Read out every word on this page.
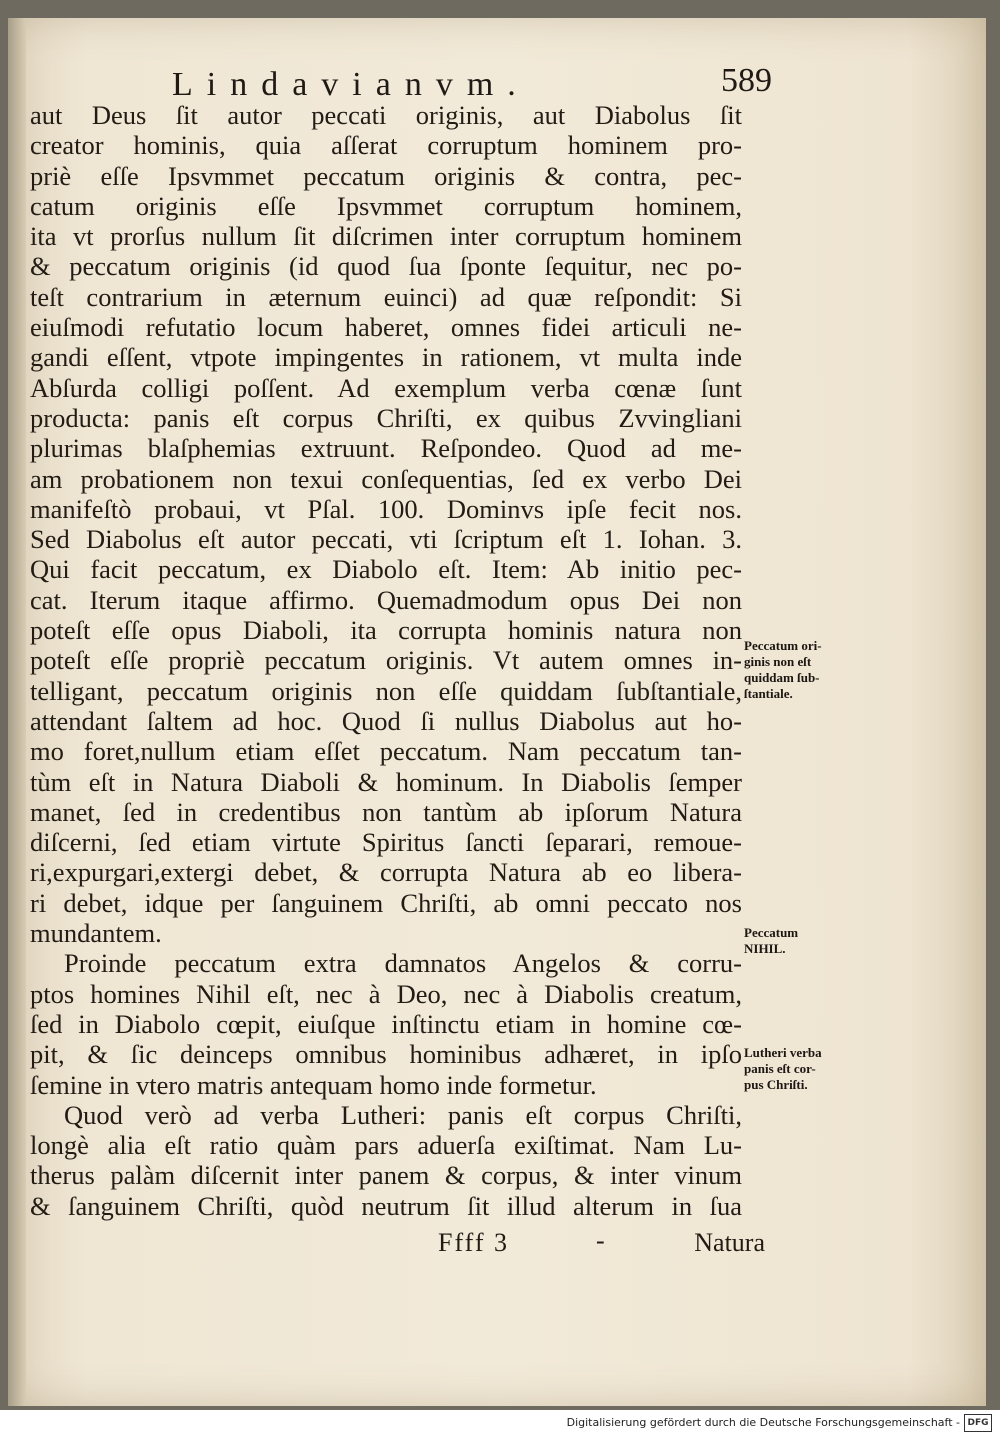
Lindavianvm.	589
aut Deus ſit autor peccati originis, aut Diabolus ſit
creator hominis, quia aſſerat corruptum hominem pro-
priè eſſe Ipsvmmet peccatum originis & contra, pec-
catum originis eſſe Ipsvmmet corruptum hominem,
ita vt prorſus nullum ſit diſcrimen inter corruptum hominem
& peccatum originis (id quod ſua ſponte ſequitur, nec po-
teſt contrarium in æternum euinci) ad quæ reſpondit: Si
eiuſmodi refutatio locum haberet, omnes fidei articuli ne-
gandi eſſent, vtpote impingentes in rationem, vt multa inde
Abſurda colligi poſſent. Ad exemplum verba cœnæ ſunt
producta: panis eſt corpus Chriſti, ex quibus Zvvingliani
plurimas blaſphemias extruunt. Reſpondeo. Quod ad me-
am probationem non texui conſequentias, ſed ex verbo Dei
manifeſtò probaui, vt Pſal. 100. Dominvs ipſe fecit nos.
Sed Diabolus eſt autor peccati, vti ſcriptum eſt 1. Iohan. 3.
Qui facit peccatum, ex Diabolo eſt. Item: Ab initio pec-
cat. Iterum itaque affirmo. Quemadmodum opus Dei non
poteſt eſſe opus Diaboli, ita corrupta hominis natura non
poteſt eſſe propriè peccatum originis. Vt autem omnes in-
telligant, peccatum originis non eſſe quiddam ſubſtantiale,
attendant ſaltem ad hoc. Quod ſi nullus Diabolus aut ho-
mo foret,nullum etiam eſſet peccatum. Nam peccatum tan-
tùm eſt in Natura Diaboli & hominum. In Diabolis ſemper
manet, ſed in credentibus non tantùm ab ipſorum Natura
diſcerni, ſed etiam virtute Spiritus ſancti ſeparari, remoue-
ri,expurgari,extergi debet, & corrupta Natura ab eo libera-
ri debet, idque per ſanguinem Chriſti, ab omni peccato nos
mundantem.
Proinde peccatum extra damnatos Angelos & corru-
ptos homines Nihil eſt, nec à Deo, nec à Diabolis creatum,
ſed in Diabolo cœpit, eiuſque inſtinctu etiam in homine cœ-
pit, & ſic deinceps omnibus hominibus adhæret, in ipſo
ſemine in vtero matris antequam homo inde formetur.
Quod verò ad verba Lutheri: panis eſt corpus Chriſti,
longè alia eſt ratio quàm pars aduerſa exiſtimat. Nam Lu-
therus palàm diſcernit inter panem & corpus, & inter vinum
& ſanguinem Chriſti, quòd neutrum ſit illud alterum in ſua
Peccatum ori-
ginis non eſt
quiddam ſub-
ſtantiale.
Peccatum
NIHIL.
Lutheri verba
panis eſt cor-
pus Chriſti.
Ffff 3	-	Natura
Digitalisierung gefördert durch die Deutsche Forschungsgemeinschaft - DFG
